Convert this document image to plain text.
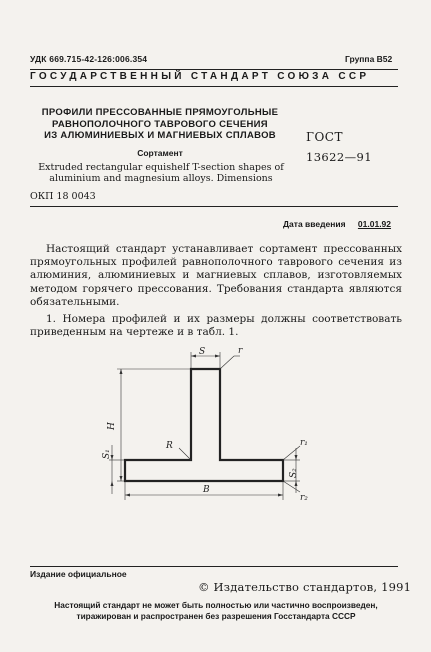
УДК 669.715-42-126:006.354	Группа В52
ГОСУДАРСТВЕННЫЙ СТАНДАРТ СОЮЗА ССР
ПРОФИЛИ ПРЕССОВАННЫЕ ПРЯМОУГОЛЬНЫЕ
РАВНОПОЛОЧНОГО ТАВРОВОГО СЕЧЕНИЯ
ИЗ АЛЮМИНИЕВЫХ И МАГНИЕВЫХ СПЛАВОВ
Сортамент
Extruded rectangular equishelf T-section shapes of
aluminium and magnesium alloys. Dimensions
ОКП 18 0043
ГОСТ
13622—91
Дата введения 01.01.92
Настоящий стандарт устанавливает сортамент прессованных прямоугольных профилей равнополочного таврового сечения из алюминия, алюминиевых и магниевых сплавов, изготовляемых методом горячего прессования. Требования стандарта являются обязательными.
1. Номера профилей и их размеры должны соответствовать приведенным на чертеже и в табл. 1.
S	r
H
S₁
R
B
S₂
r₁
r₂
Издание официальное
© Издательство стандартов, 1991
Настоящий стандарт не может быть полностью или частично воспроизведен,
тиражирован и распространен без разрешения Госстандарта СССР
